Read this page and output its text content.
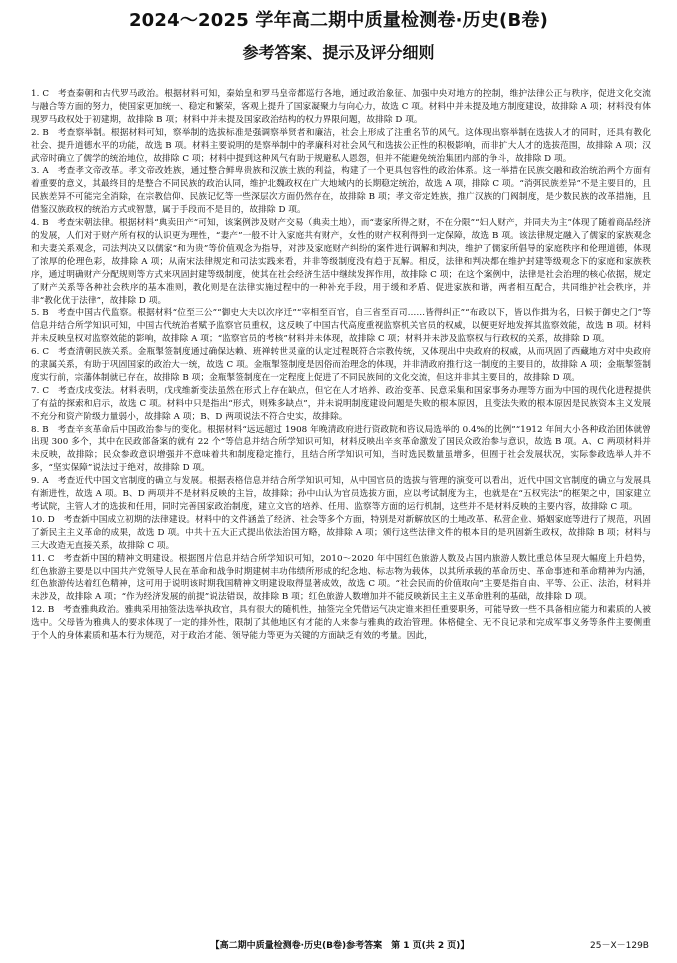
2024～2025 学年高二期中质量检测卷·历史(B卷)
参考答案、提示及评分细则

1. C　考查秦朝和古代罗马政治。根据材料可知，秦始皇和罗马皇帝都巡行各地，通过政治象征、加强中央对地方的控制，维护法律公正与秩序，促进文化交流与融合等方面的努力，使国家更加统一、稳定和繁荣，客观上提升了国家凝聚力与向心力，故选 C 项。材料中并未提及地方制度建设，故排除 A 项；材料没有体现罗马政权处于初建期，故排除 B 项；材料中并未提及国家政治结构的权力界限问题，故排除 D 项。

2. B　考查察举制。根据材料可知，察举制的选拔标准是强调察举贤者和廉洁，社会上形成了注重名节的风气。这体现出察举制在选拔人才的同时，还具有教化社会、提升道德水平的功能，故选 B 项。材料主要说明的是察举制中的孝廉科对社会风气和选拔公正性的积极影响，而非扩大人才的选拔范围，故排除 A 项；汉武帝时确立了儒学的统治地位，故排除 C 项；材料中提到这种风气有助于规避私人恩怨，但并不能避免统治集团内部的争斗，故排除 D 项。

3. A　考查孝文帝改革。孝文帝改姓族，通过整合鲜卑贵族和汉族士族的利益，构建了一个更具包容性的政治体系。这一举措在民族交融和政治统治两个方面有着重要的意义，其最终目的是整合不同民族的政治认同，维护北魏政权在广大地域内的长期稳定统治，故选 A 项，排除 C 项。“消弭民族差异”不是主要目的，且民族差异不可能完全消除，在宗教信仰、民族记忆等一些深层次方面仍然存在，故排除 B 项；孝文帝定姓族，推广汉族的门阀制度，是少数民族的改革措施，且借鉴汉族政权的统治方式或智慧，属于手段而不是目的，故排除 D 项。

4. B　考查宋朝法律。根据材料“典卖田产”可知，该案例涉及财产交易（典卖土地），而“妻家所得之财，不在分限”“妇人财产，并同夫为主”体现了随着商品经济的发展，人们对于财产所有权的认识更为理性，“妻产”一般不计入家庭共有财产，女性的财产权利得到一定保障，故选 B 项。该法律规定融入了儒家的家族观念和夫妻关系观念，司法判决又以儒家“和为贵”等价值观念为指导，对涉及家庭财产纠纷的案件进行调解和判决，维护了儒家所倡导的家庭秩序和伦理道德，体现了浓厚的伦理色彩，故排除 A 项；从南宋法律规定和司法实践来看，并非等级制度没有趋于瓦解。相反，法律和判决都在维护封建等级观念下的家庭和家族秩序，通过明确财产分配规则等方式来巩固封建等级制度，使其在社会经济生活中继续发挥作用，故排除 C 项；在这个案例中，法律是社会治理的核心依据，规定了财产关系等各种社会秩序的基本准则，教化则是在法律实施过程中的一种补充手段，用于缓和矛盾、促进家族和谐，两者相互配合，共同维护社会秩序，并非“教化优于法律”，故排除 D 项。

5. B　考查中国古代监察。根据材料“位至三公”“御史大夫以次序迁”“宰相至百官，自三省至百司……皆得纠正”“布政以下，皆以作揖为名，曰候于御史之门”等信息并结合所学知识可知，中国古代统治者赋予监察官员重权，这反映了中国古代高度重视监察机关官员的权威，以便更好地发挥其监察效能，故选 B 项。材料并未反映皇权对监察效能的影响，故排除 A 项；“监察官员的考核”材料并未体现，故排除 C 项；材料并未涉及监察权与行政权的关系，故排除 D 项。

6. C　考查清朝民族关系。金瓶掣签制度通过确保达赖、班禅转世灵童的认定过程既符合宗教传统，又体现出中央政府的权威，从而巩固了西藏地方对中央政府的隶属关系，有助于巩固国家的政治大一统，故选 C 项。金瓶掣签制度是因俗而治理念的体现，并非清政府推行这一制度的主要目的，故排除 A 项；金瓶掣签制度实行前，宗藩体制就已存在，故排除 B 项；金瓶掣签制度在一定程度上促进了不同民族间的文化交流，但这并非其主要目的，故排除 D 项。

7. C　考查戊戌变法。材料表明，戊戌维新变法虽然在形式上存在缺点，但它在人才培养、政治变革、民意采集和国家事务办理等方面为中国的现代化进程提供了有益的探索和启示，故选 C 项。材料中只是指出“形式，则殊多缺点”，并未说明制度建设问题是失败的根本原因，且变法失败的根本原因是民族资本主义发展不充分和资产阶级力量弱小，故排除 A 项；B、D 两项说法不符合史实，故排除。

8. B　考查辛亥革命后中国政治参与的变化。根据材料“远远超过 1908 年晚清政府进行资政院和咨议局选举的 0.4%的比例”“1912 年间大小各种政治团体就曾出现 300 多个，其中在民政部备案的就有 22 个”等信息并结合所学知识可知，材料反映出辛亥革命激发了国民众政治参与意识，故选 B 项。A、C 两项材料并未反映，故排除；民众参政意识增强并不意味着共和制度稳定推行，且结合所学知识可知，当时选民数量虽增多，但囿于社会发展状况，实际参政选举人并不多，“坚实保障”说法过于绝对，故排除 D 项。

9. A　考查近代中国文官制度的确立与发展。根据表格信息并结合所学知识可知，从中国官员的选拔与管理的演变可以看出，近代中国文官制度的确立与发展具有渐进性，故选 A 项。B、D 两项并不是材料反映的主旨，故排除；孙中山认为官员选拔方面，应以考试制度为主，也就是在“五权宪法”的框架之中，国家建立考试院，主管人才的选拔和任用，同时完善国家政治制度，建立文官的培养、任用、监察等方面的运行机制，这些并不是材料反映的主要内容，故排除 C 项。

10. D　考查新中国成立初期的法律建设。材料中的文件涵盖了经济、社会等多个方面，特别是对新解放区的土地改革、私营企业、婚姻家庭等进行了规范，巩固了新民主主义革命的成果，故选 D 项。中共十五大正式提出依法治国方略，故排除 A 项；颁行这些法律文件的根本目的是巩固新生政权，故排除 B 项；材料与三大改造无直接关系，故排除 C 项。

11. C　考查新中国的精神文明建设。根据图片信息并结合所学知识可知，2010～2020 年中国红色旅游人数及占国内旅游人数比重总体呈现大幅度上升趋势，红色旅游主要是以中国共产党领导人民在革命和战争时期建树丰功伟绩所形成的纪念地、标志物为载体，以其所承载的革命历史、革命事迹和革命精神为内涵，红色旅游传达着红色精神，这可用于说明该时期我国精神文明建设取得显著成效，故选 C 项。“社会民而的价值取向”主要是指自由、平等、公正、法治，材料并未涉及，故排除 A 项；“作为经济发展的前提”说法错误，故排除 B 项；红色旅游人数增加并不能反映新民主主义革命胜利的基础，故排除 D 项。

12. B　考查雅典政治。雅典采用抽签法选举执政官，具有很大的随机性，抽签完全凭借运气决定谁来担任重要职务，可能导致一些不具备相应能力和素质的人被选中。父母皆为雅典人的要求体现了一定的排外性，限制了其他地区有才能的人来参与雅典的政治管理。体格健全、无不良记录和完成军事义务等条件主要侧重于个人的身体素质和基本行为规范，对于政治才能、领导能力等更为关键的方面缺乏有效的考量。因此，

【高二期中质量检测卷·历史(B卷)参考答案　第 1 页(共 2 页)】	25－X－129B
